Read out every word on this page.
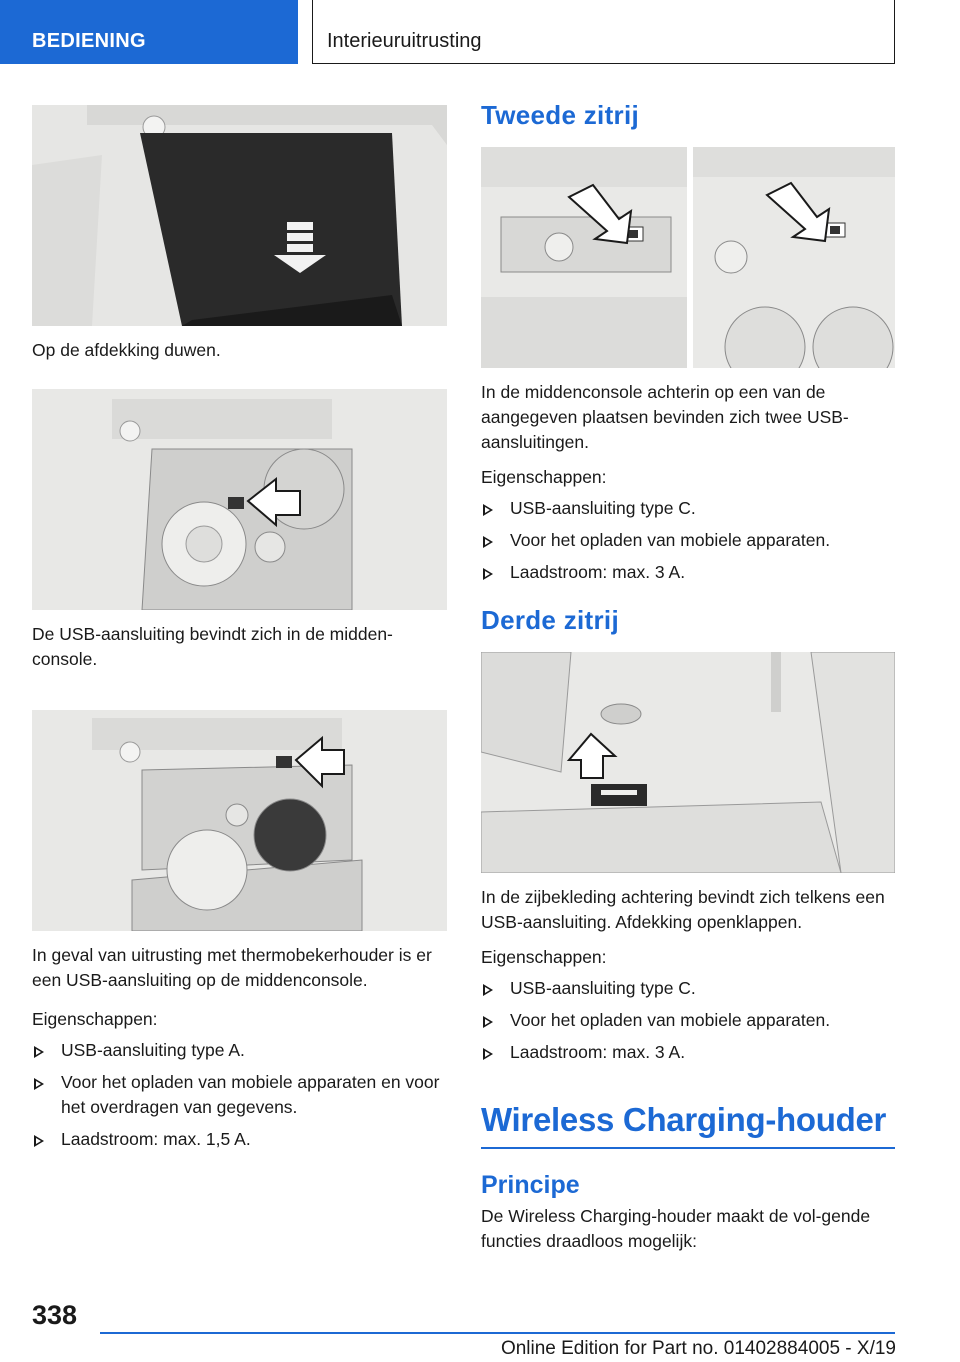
BEDIENING	Interieuruitrusting

Op de afdekking duwen.

De USB-aansluiting bevindt zich in de midden-console.

In geval van uitrusting met thermobekerhouder is er een USB-aansluiting op de middenconsole.

Eigenschappen:

USB-aansluiting type A.
Voor het opladen van mobiele apparaten en voor het overdragen van gegevens.
Laadstroom: max. 1,5 A.
Tweede zitrij

In de middenconsole achterin op een van de aangegeven plaatsen bevinden zich twee USB-aansluitingen.

Eigenschappen:

USB-aansluiting type C.
Voor het opladen van mobiele apparaten.
Laadstroom: max. 3 A.
Derde zitrij

In de zijbekleding achtering bevindt zich telkens een USB-aansluiting. Afdekking openklappen.

Eigenschappen:

USB-aansluiting type C.
Voor het opladen van mobiele apparaten.
Laadstroom: max. 3 A.
Wireless Charging-houder
Principe

De Wireless Charging-houder maakt de vol-gende functies draadloos mogelijk:

338
Online Edition for Part no. 01402884005 - X/19
